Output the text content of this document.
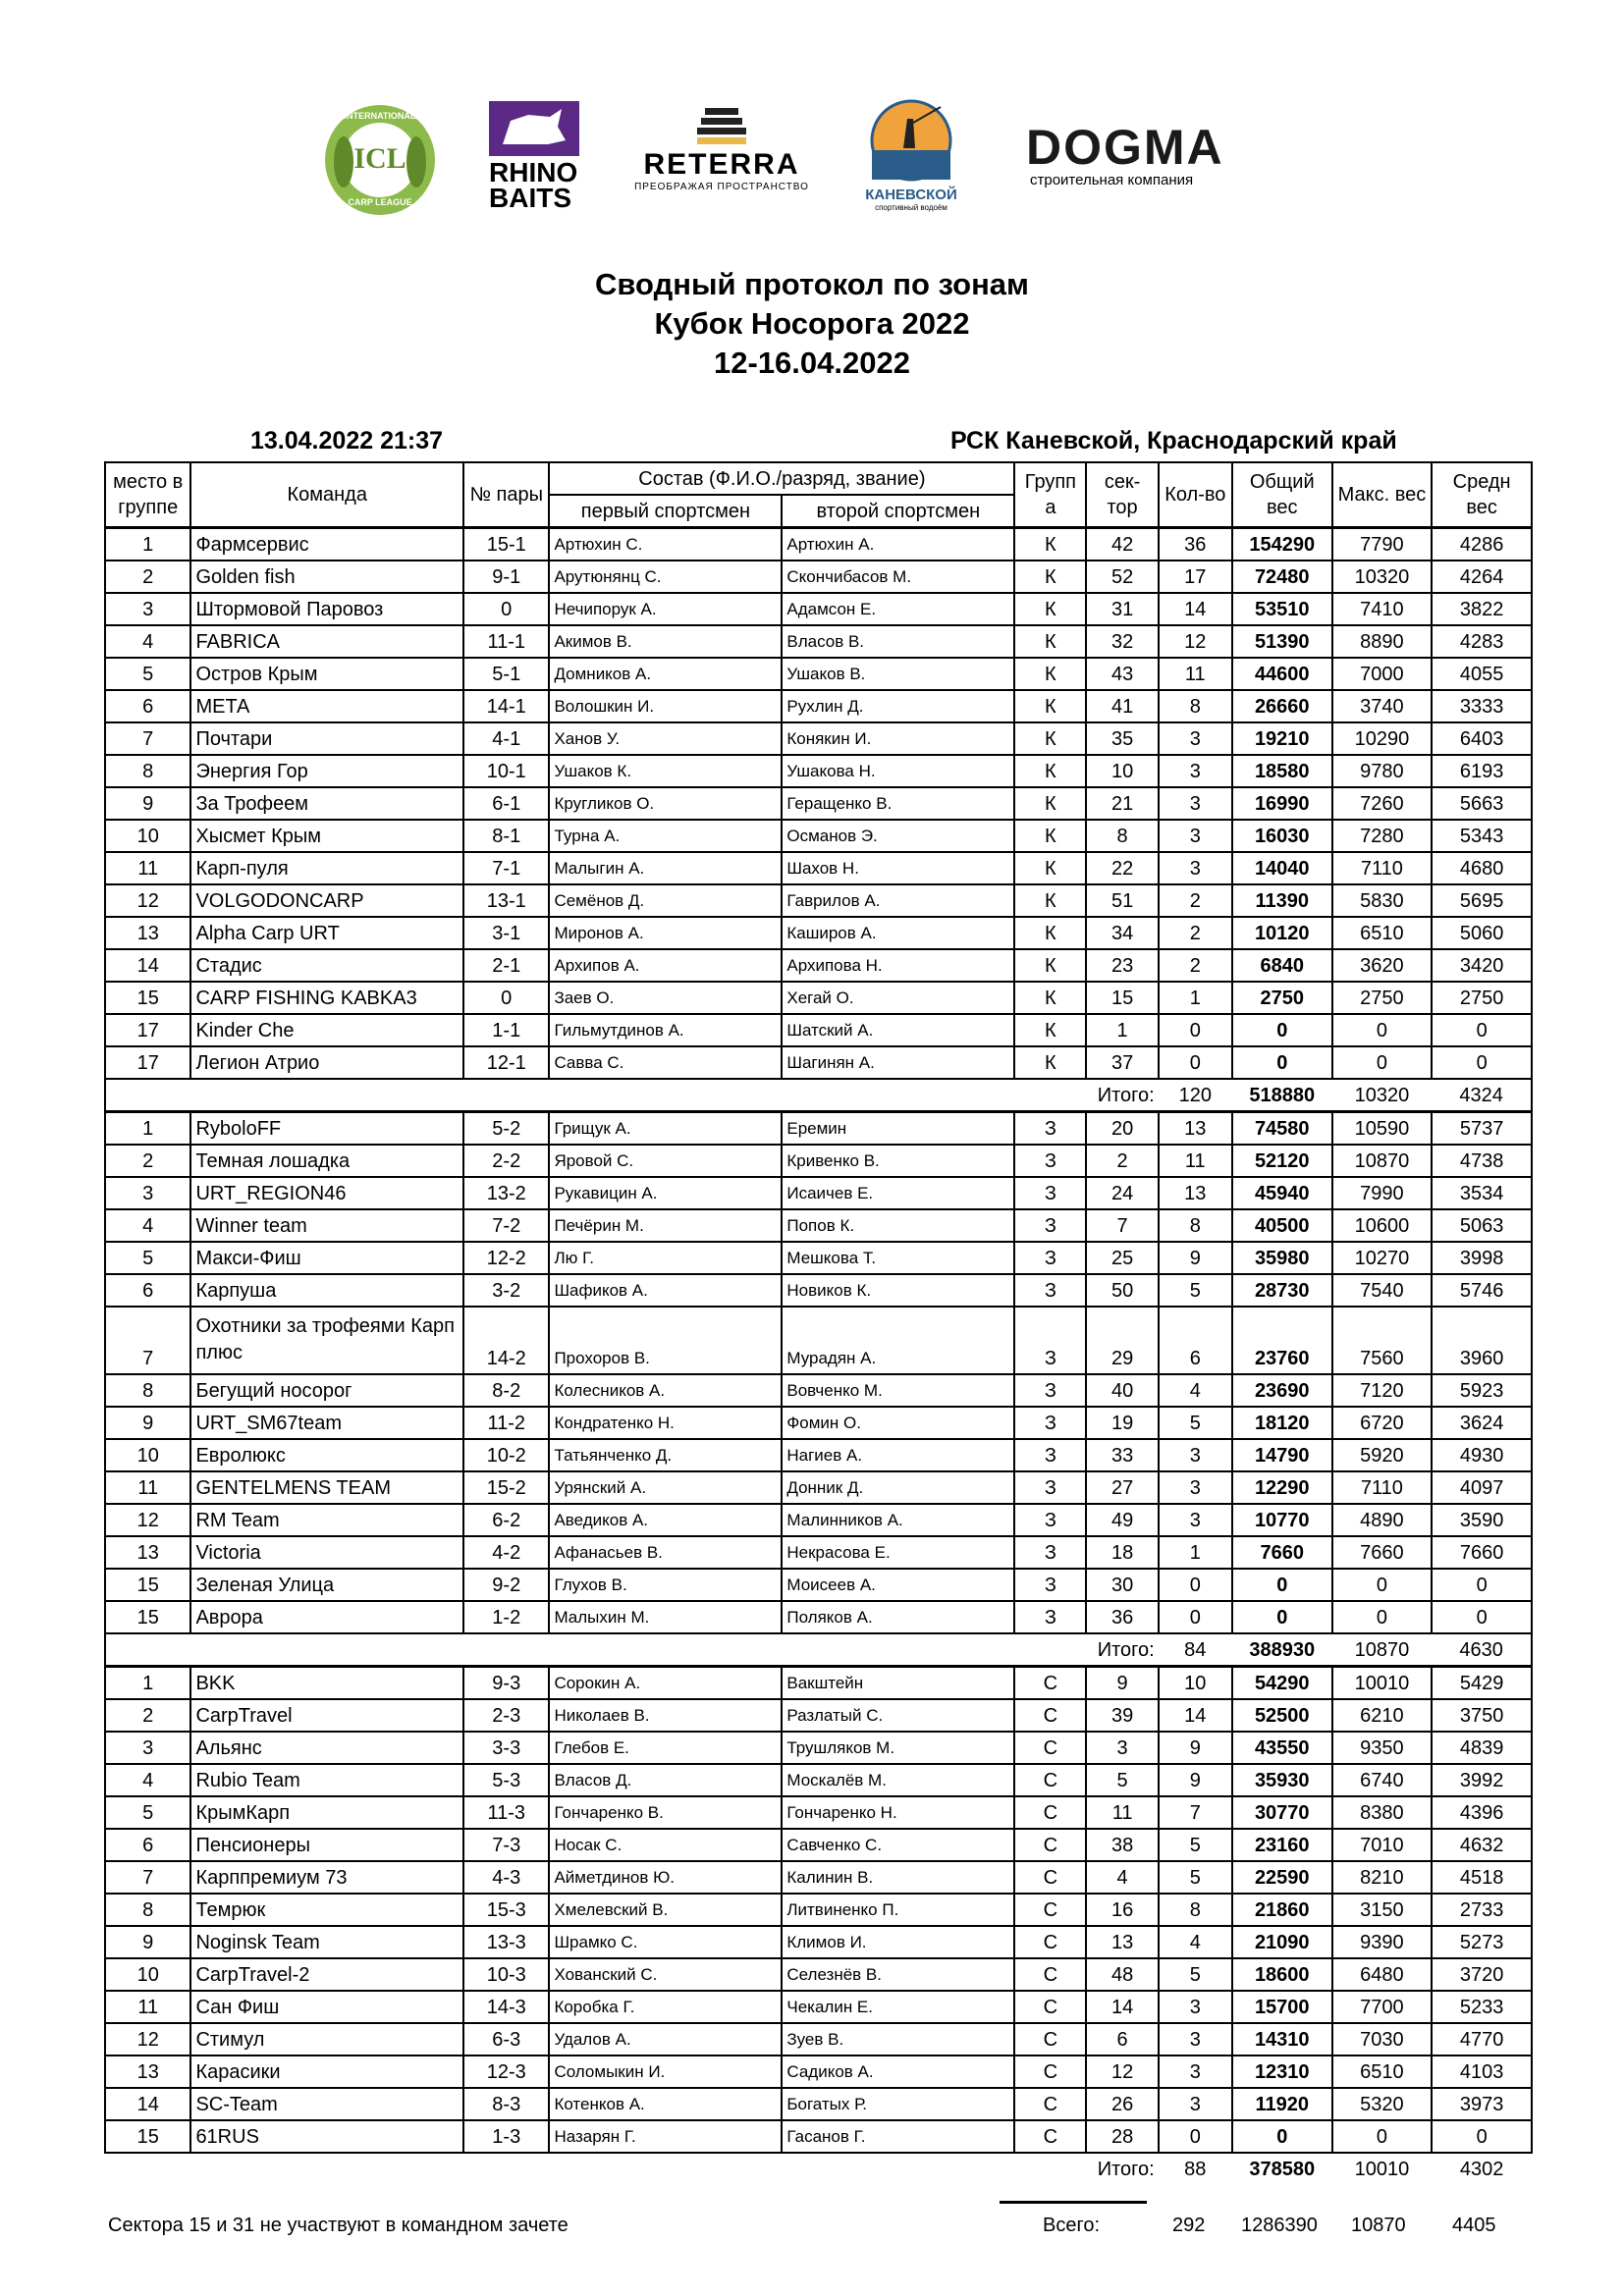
INTERNATIONAL
ICL
CARP LEAGUE
RHINO
BAITS
RETERRA
ПРЕОБРАЖАЯ ПРОСТРАНСТВО	КАНЕВСКОЙ
спортивный водоём
DOGMA
строительная компания
Сводный протокол по зонам
Кубок Носорога 2022
12-16.04.2022
13.04.2022 21:37	РСК Каневской, Краснодарский край
место в группе	Команда	№ пары	Состав (Ф.И.О./разряд, звание)		Группа	сек-тор	Кол-во	Общий вес	Макс. вес	Средн вес
			первый спортсмен	второй спортсмен						
1	Фармсервис	15-1	Артюхин С.	Артюхин А.	К	42	36	154290	7790	4286
2	Golden fish	9-1	Арутюнянц С.	Скончибасов М.	К	52	17	72480	10320	4264
3	Штормовой Паровоз	0	Нечипорук А.	Адамсон Е.	К	31	14	53510	7410	3822
4	FABRICA	11-1	Акимов В.	Власов В.	К	32	12	51390	8890	4283
5	Остров Крым	5-1	Домников А.	Ушаков В.	К	43	11	44600	7000	4055
6	МЕТА	14-1	Волошкин И.	Рухлин Д.	К	41	8	26660	3740	3333
7	Почтари	4-1	Ханов У.	Конякин И.	К	35	3	19210	10290	6403
8	Энергия Гор	10-1	Ушаков К.	Ушакова Н.	К	10	3	18580	9780	6193
9	За Трофеем	6-1	Кругликов О.	Геращенко В.	К	21	3	16990	7260	5663
10	Хысмет Крым	8-1	Турна А.	Османов Э.	К	8	3	16030	7280	5343
11	Карп-пуля	7-1	Малыгин А.	Шахов Н.	К	22	3	14040	7110	4680
12	VOLGODONCARP	13-1	Семёнов Д.	Гаврилов А.	К	51	2	11390	5830	5695
13	Alpha Carp URT	3-1	Миронов А.	Каширов А.	К	34	2	10120	6510	5060
14	Стадис	2-1	Архипов А.	Архипова Н.	К	23	2	6840	3620	3420
15	CARP FISHING KABKA3	0	Заев О.	Хегай О.	К	15	1	2750	2750	2750
17	Kinder Che	1-1	Гильмутдинов А.	Шатский А.	К	1	0	0	0	0
17	Легион Атрио	12-1	Савва С.	Шагинян А.	К	37	0	0	0	0
						Итого:	120	518880	10320	4324
1	RyboloFF	5-2	Грищук А.	Еремин	З	20	13	74580	10590	5737
2	Темная лошадка	2-2	Яровой С.	Кривенко В.	З	2	11	52120	10870	4738
3	URT_REGION46	13-2	Рукавицин А.	Исаичев Е.	З	24	13	45940	7990	3534
4	Winner team	7-2	Печёрин М.	Попов К.	З	7	8	40500	10600	5063
5	Макси-Фиш	12-2	Лю Г.	Мешкова Т.	З	25	9	35980	10270	3998
6	Карпуша	3-2	Шафиков А.	Новиков К.	З	50	5	28730	7540	5746
7	Охотники за трофеями Карп плюс	14-2	Прохоров В.	Мурадян А.	З	29	6	23760	7560	3960
8	Бегущий носорог	8-2	Колесников А.	Вовченко М.	З	40	4	23690	7120	5923
9	URT_SM67team	11-2	Кондратенко Н.	Фомин О.	З	19	5	18120	6720	3624
10	Евролюкс	10-2	Татьянченко Д.	Нагиев А.	З	33	3	14790	5920	4930
11	GENTELMENS TEAM	15-2	Урянский А.	Донник Д.	З	27	3	12290	7110	4097
12	RM Team	6-2	Аведиков А.	Малинников А.	З	49	3	10770	4890	3590
13	Victoria	4-2	Афанасьев В.	Некрасова Е.	З	18	1	7660	7660	7660
15	Зеленая Улица	9-2	Глухов В.	Моисеев А.	З	30	0	0	0	0
15	Аврора	1-2	Малыхин М.	Поляков А.	З	36	0	0	0	0
						Итого:	84	388930	10870	4630
1	BKK	9-3	Сорокин А.	Вакштейн	С	9	10	54290	10010	5429
2	CarpTravel	2-3	Николаев В.	Разлатый С.	С	39	14	52500	6210	3750
3	Альянс	3-3	Глебов Е.	Трушляков М.	С	3	9	43550	9350	4839
4	Rubio Team	5-3	Власов Д.	Москалёв М.	С	5	9	35930	6740	3992
5	КрымКарп	11-3	Гончаренко В.	Гончаренко Н.	С	11	7	30770	8380	4396
6	Пенсионеры	7-3	Носак С.	Савченко С.	С	38	5	23160	7010	4632
7	Карппремиум 73	4-3	Айметдинов Ю.	Калинин В.	С	4	5	22590	8210	4518
8	Темрюк	15-3	Хмелевский В.	Литвиненко П.	С	16	8	21860	3150	2733
9	Noginsk Team	13-3	Шрамко С.	Климов И.	С	13	4	21090	9390	5273
10	CarpTravel-2	10-3	Хованский С.	Селезнёв В.	С	48	5	18600	6480	3720
11	Сан Фиш	14-3	Коробка Г.	Чекалин Е.	С	14	3	15700	7700	5233
12	Стимул	6-3	Удалов А.	Зуев В.	С	6	3	14310	7030	4770
13	Карасики	12-3	Соломыкин И.	Садиков А.	С	12	3	12310	6510	4103
14	SC-Team	8-3	Котенков А.	Богатых Р.	С	26	3	11920	5320	3973
15	61RUS	1-3	Назарян Г.	Гасанов Г.	С	28	0	0	0	0
						Итого:	88	378580	10010	4302
Сектора 15 и 31 не участвуют в командном зачете	Всего:	292 1286390 10870 4405
